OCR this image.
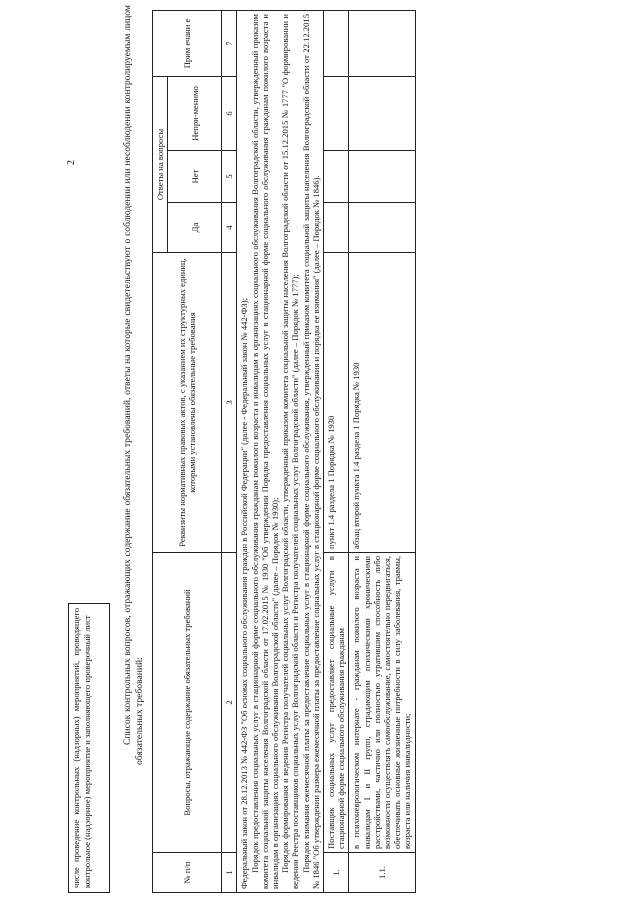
2
числе проведение контрольных (надзорных) мероприятий, проводящего контрольное (надзорное) мероприятие и заполняющего проверочный лист
Список контрольных вопросов, отражающих содержание обязательных требований, ответы на которые свидетельствуют о соблюдении или несоблюдении контролируемым лицом обязательных требований:
№ п/п	Вопросы, отражающие содержание обязательных требований	Реквизиты нормативных правовых актов, с указанием их структурных единиц, которыми установлены обязательные требования	Ответы на вопросы			Прим ечани е
			Да	Нет	Непри-менимо	
1	2	3	4	5	6	7

Федеральный закон от 28.12.2013 № 442-ФЗ "Об основах социального обслуживания граждан в Российской Федерации" (далее - Федеральный закон № 442-ФЗ); Порядок предоставления социальных услуг в стационарной форме социального обслуживания гражданам пожилого возраста и инвалидам в организациях социального обслуживания Волгоградской области, утвержденный приказом комитета социальной защиты населения Волгоградской области от 17.02.2015 № 1930 "Об утверждении Порядка предоставления социальных услуг в стационарной форме социального обслуживания гражданам пожилого возраста и инвалидам в организациях социального обслуживания Волгоградской области" (далее – Порядок № 1930); Порядок формирования и ведения Регистра получателей социальных услуг Волгоградской области, утвержденный приказом комитета социальной защиты населения Волгоградской области от 15.12.2015 № 1777 "О формировании и ведении Реестра поставщиков социальных услуг Волгоградской области и Регистра получателей социальных услуг Волгоградской области" (далее – Порядок № 1777); Порядок взимания ежемесячной платы за предоставление социальных услуг в стационарной форме социального обслуживания, утвержденный приказом комитета социальной защиты населения Волгоградской области от 22.12.2015 № 1846 "Об утверждении размера ежемесячной платы за предоставление социальных услуг в стационарной форме социального обслуживания и порядка ее взимания" (далее – Порядок № 1846).						

1.	Поставщик социальных услуг предоставляет социальные услуги в стационарной форме социального обслуживания гражданам	пункт 1.4 раздела 1 Порядка № 1930				
1.1.	в психоневрологическом интернате - гражданам пожилого возраста и инвалидам I и II групп, страдающим психическими хроническими расстройствами, частично или полностью утратившим способность либо возможности осуществлять самообслуживание, самостоятельно передвигаться, обеспечивать основные жизненные потребности в силу заболевания, травмы, возраста или наличия инвалидности;	абзац второй пункта 1.4 раздела 1 Порядка № 1930				
